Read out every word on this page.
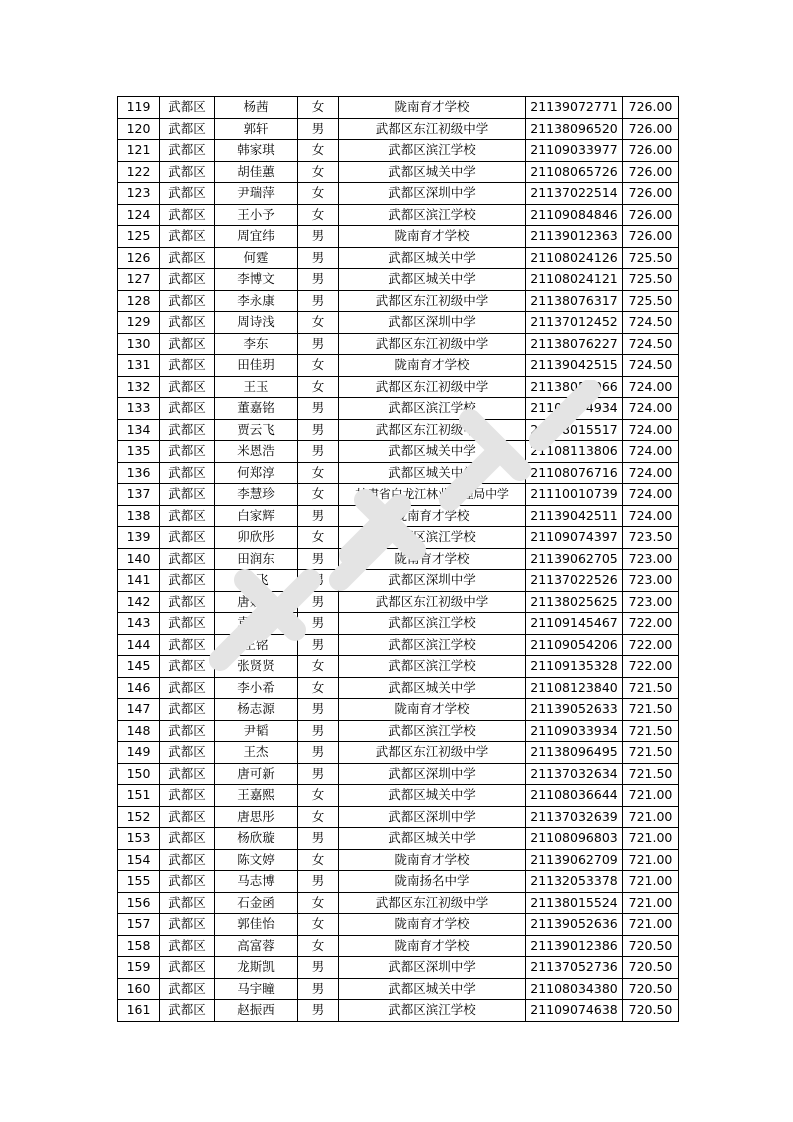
119	武都区	杨茜	女	陇南育才学校	21139072771	726.00
120	武都区	郭轩	男	武都区东江初级中学	21138096520	726.00
121	武都区	韩家琪	女	武都区滨江学校	21109033977	726.00
122	武都区	胡佳蕙	女	武都区城关中学	21108065726	726.00
123	武都区	尹瑞萍	女	武都区深圳中学	21137022514	726.00
124	武都区	王小予	女	武都区滨江学校	21109084846	726.00
125	武都区	周宜纬	男	陇南育才学校	21139012363	726.00
126	武都区	何霆	男	武都区城关中学	21108024126	725.50
127	武都区	李博文	男	武都区城关中学	21108024121	725.50
128	武都区	李永康	男	武都区东江初级中学	21138076317	725.50
129	武都区	周诗浅	女	武都区深圳中学	21137012452	724.50
130	武都区	李东	男	武都区东江初级中学	21138076227	724.50
131	武都区	田佳玥	女	陇南育才学校	21139042515	724.50
132	武都区	王玉	女	武都区东江初级中学	21138056066	724.00
133	武都区	董嘉铭	男	武都区滨江学校	21109094934	724.00
134	武都区	贾云飞	男	武都区东江初级中学	21138015517	724.00
135	武都区	米恩浩	男	武都区城关中学	21108113806	724.00
136	武都区	何郑淳	女	武都区城关中学	21108076716	724.00
137	武都区	李慧珍	女	甘肃省白龙江林业管理局中学	21110010739	724.00
138	武都区	白家辉	男	陇南育才学校	21139042511	724.00
139	武都区	卯欣彤	女	武都区滨江学校	21109074397	723.50
140	武都区	田润东	男	陇南育才学校	21139062705	723.00
141	武都区	李飞	男	武都区深圳中学	21137022526	723.00
142	武都区	唐妙强	男	武都区东江初级中学	21138025625	723.00
143	武都区	袁明会	男	武都区滨江学校	21109145467	722.00
144	武都区	王铭	男	武都区滨江学校	21109054206	722.00
145	武都区	张贤贤	女	武都区滨江学校	21109135328	722.00
146	武都区	李小希	女	武都区城关中学	21108123840	721.50
147	武都区	杨志源	男	陇南育才学校	21139052633	721.50
148	武都区	尹韬	男	武都区滨江学校	21109033934	721.50
149	武都区	王杰	男	武都区东江初级中学	21138096495	721.50
150	武都区	唐可新	男	武都区深圳中学	21137032634	721.50
151	武都区	王嘉熙	女	武都区城关中学	21108036644	721.00
152	武都区	唐思彤	女	武都区深圳中学	21137032639	721.00
153	武都区	杨欣璇	男	武都区城关中学	21108096803	721.00
154	武都区	陈文婷	女	陇南育才学校	21139062709	721.00
155	武都区	马志博	男	陇南扬名中学	21132053378	721.00
156	武都区	石金函	女	武都区东江初级中学	21138015524	721.00
157	武都区	郭佳怡	女	陇南育才学校	21139052636	721.00
158	武都区	高富蓉	女	陇南育才学校	21139012386	720.50
159	武都区	龙斯凯	男	武都区深圳中学	21137052736	720.50
160	武都区	马宇瞳	男	武都区城关中学	21108034380	720.50
161	武都区	赵振西	男	武都区滨江学校	21109074638	720.50
